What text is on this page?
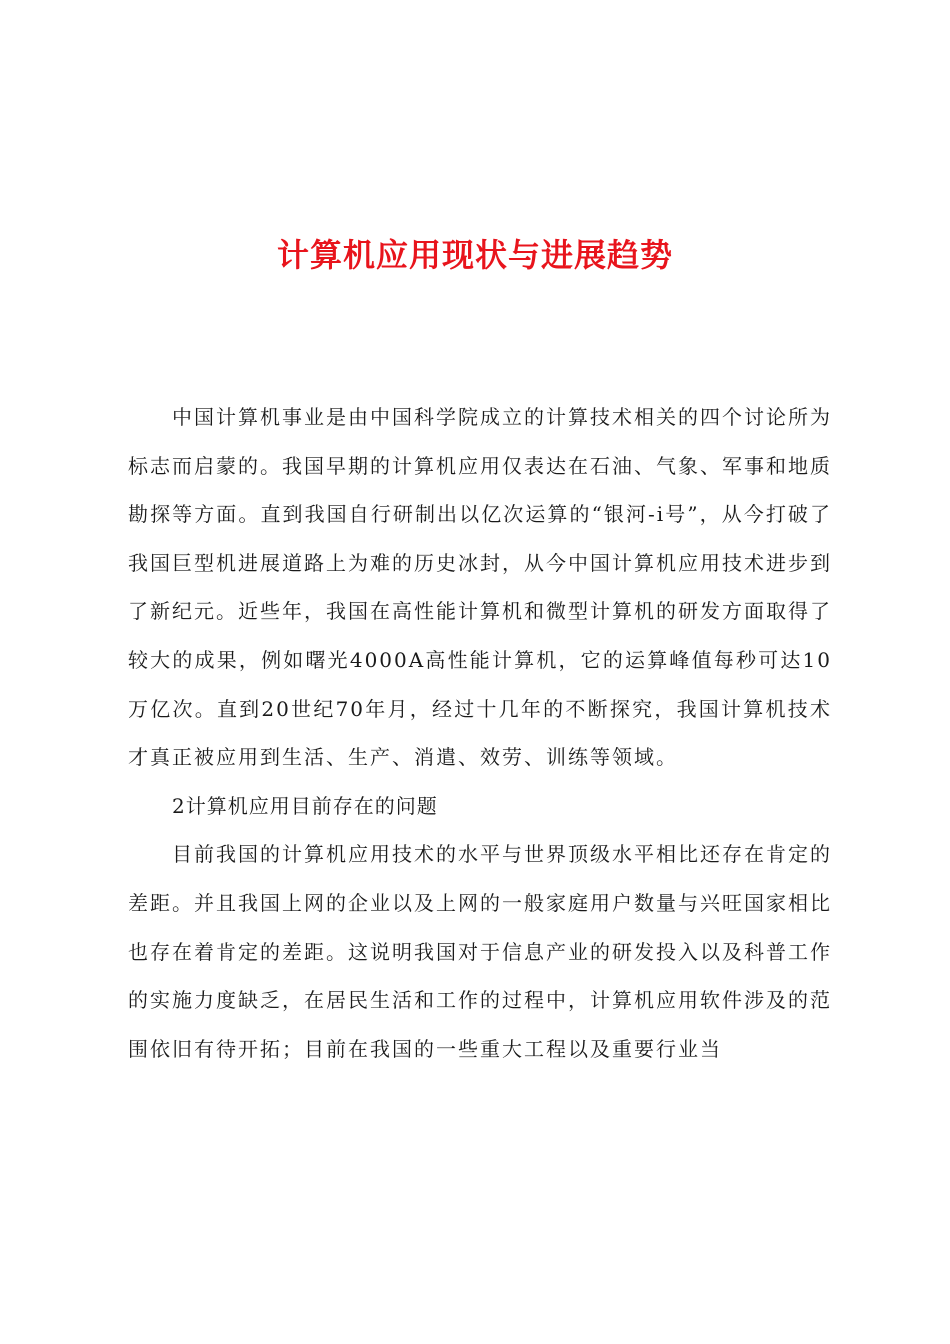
计算机应用现状与进展趋势

中国计算机事业是由中国科学院成立的计算技术相关的四个讨论所为标志而启蒙的。我国早期的计算机应用仅表达在石油、气象、军事和地质勘探等方面。直到我国自行研制出以亿次运算的“银河-i号”，从今打破了我国巨型机进展道路上为难的历史冰封，从今中国计算机应用技术进步到了新纪元。近些年，我国在高性能计算机和微型计算机的研发方面取得了较大的成果，例如曙光4000A高性能计算机，它的运算峰值每秒可达10万亿次。直到20世纪70年月，经过十几年的不断探究，我国计算机技术才真正被应用到生活、生产、消遣、效劳、训练等领域。

2计算机应用目前存在的问题

目前我国的计算机应用技术的水平与世界顶级水平相比还存在肯定的差距。并且我国上网的企业以及上网的一般家庭用户数量与兴旺国家相比也存在着肯定的差距。这说明我国对于信息产业的研发投入以及科普工作的实施力度缺乏，在居民生活和工作的过程中，计算机应用软件涉及的范围依旧有待开拓；目前在我国的一些重大工程以及重要行业当
